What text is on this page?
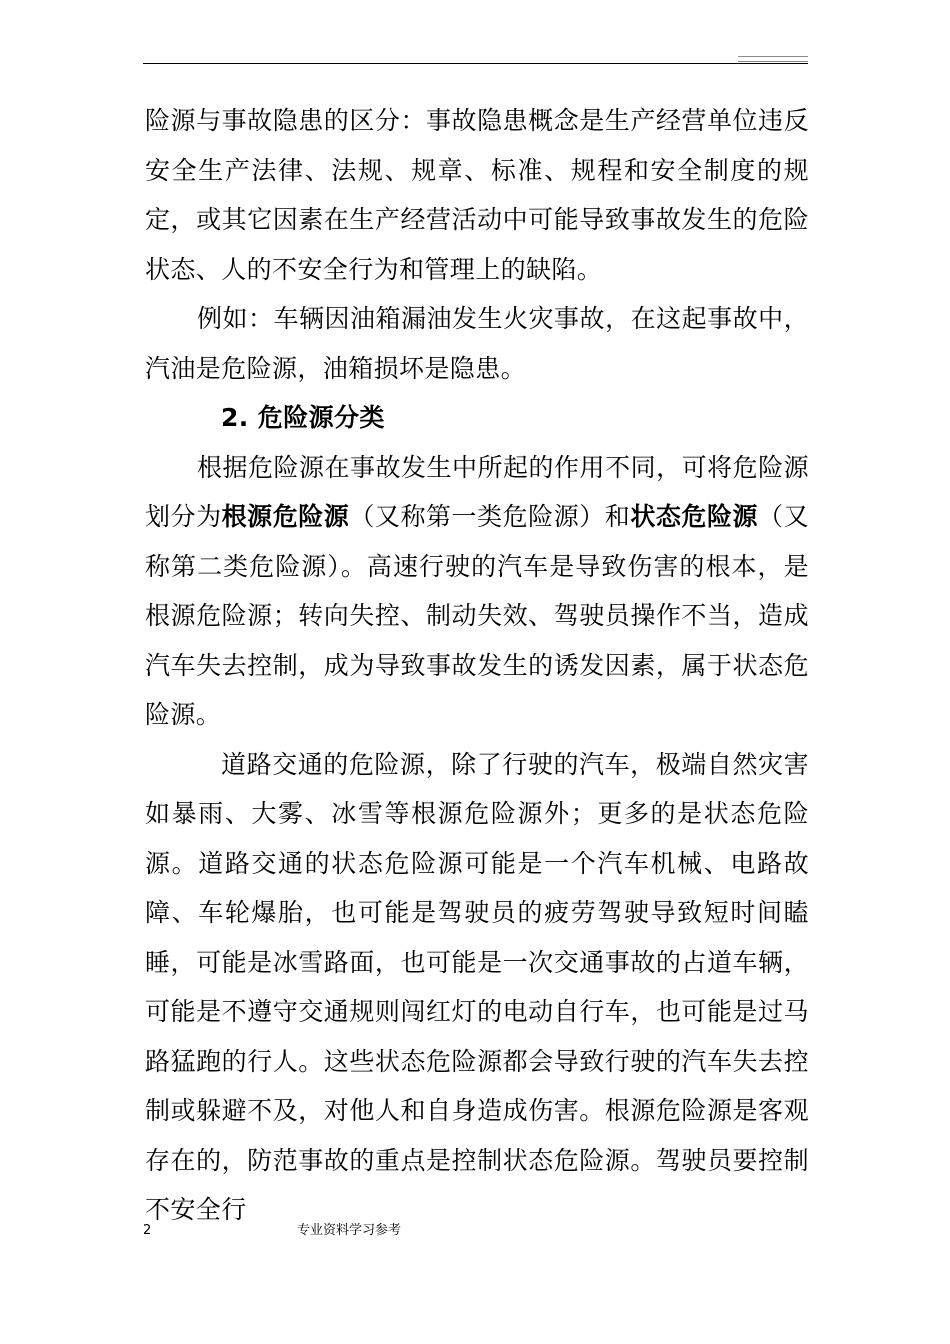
险源与事故隐患的区分：事故隐患概念是生产经营单位违反安全生产法律、法规、规章、标准、规程和安全制度的规定，或其它因素在生产经营活动中可能导致事故发生的危险状态、人的不安全行为和管理上的缺陷。

例如：车辆因油箱漏油发生火灾事故，在这起事故中，汽油是危险源，油箱损坏是隐患。

2. 危险源分类

根据危险源在事故发生中所起的作用不同，可将危险源划分为根源危险源（又称第一类危险源）和状态危险源（又称第二类危险源）。高速行驶的汽车是导致伤害的根本，是根源危险源；转向失控、制动失效、驾驶员操作不当，造成汽车失去控制，成为导致事故发生的诱发因素，属于状态危险源。

道路交通的危险源，除了行驶的汽车，极端自然灾害如暴雨、大雾、冰雪等根源危险源外；更多的是状态危险源。道路交通的状态危险源可能是一个汽车机械、电路故障、车轮爆胎，也可能是驾驶员的疲劳驾驶导致短时间瞌睡，可能是冰雪路面，也可能是一次交通事故的占道车辆，可能是不遵守交通规则闯红灯的电动自行车，也可能是过马路猛跑的行人。这些状态危险源都会导致行驶的汽车失去控制或躲避不及，对他人和自身造成伤害。根源危险源是客观存在的，防范事故的重点是控制状态危险源。驾驶员要控制不安全行

2	专业资料学习参考
